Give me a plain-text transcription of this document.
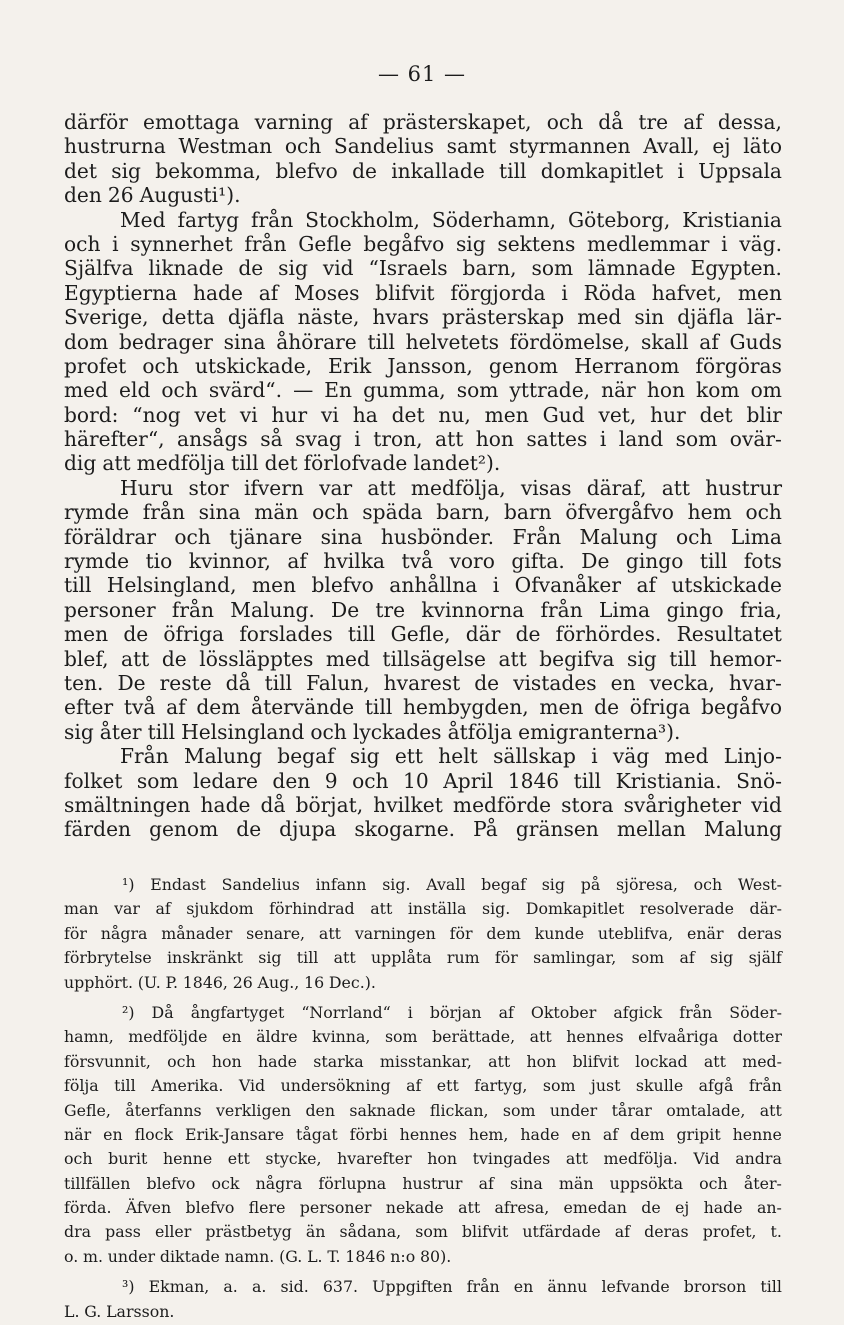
— 61 —
därför emottaga varning af prästerskapet, och då tre af dessa,
hustrurna Westman och Sandelius samt styrmannen Avall, ej läto
det sig bekomma, blefvo de inkallade till domkapitlet i Uppsala
den 26 Augusti¹).
Med fartyg från Stockholm, Söderhamn, Göteborg, Kristiania
och i synnerhet från Gefle begåfvo sig sektens medlemmar i väg.
Själfva liknade de sig vid “Israels barn, som lämnade Egypten.
Egyptierna hade af Moses blifvit förgjorda i Röda hafvet, men
Sverige, detta djäfla näste, hvars prästerskap med sin djäfla lär-
dom bedrager sina åhörare till helvetets fördömelse, skall af Guds
profet och utskickade, Erik Jansson, genom Herranom förgöras
med eld och svärd“. — En gumma, som yttrade, när hon kom om
bord: “nog vet vi hur vi ha det nu, men Gud vet, hur det blir
härefter“, ansågs så svag i tron, att hon sattes i land som ovär-
dig att medfölja till det förlofvade landet²).
Huru stor ifvern var att medfölja, visas däraf, att hustrur
rymde från sina män och späda barn, barn öfvergåfvo hem och
föräldrar och tjänare sina husbönder. Från Malung och Lima
rymde tio kvinnor, af hvilka två voro gifta. De gingo till fots
till Helsingland, men blefvo anhållna i Ofvanåker af utskickade
personer från Malung. De tre kvinnorna från Lima gingo fria,
men de öfriga forslades till Gefle, där de förhördes. Resultatet
blef, att de lössläpptes med tillsägelse att begifva sig till hemor-
ten. De reste då till Falun, hvarest de vistades en vecka, hvar-
efter två af dem återvände till hembygden, men de öfriga begåfvo
sig åter till Helsingland och lyckades åtfölja emigranterna³).
Från Malung begaf sig ett helt sällskap i väg med Linjo-
folket som ledare den 9 och 10 April 1846 till Kristiania. Snö-
smältningen hade då börjat, hvilket medförde stora svårigheter vid
färden genom de djupa skogarne. På gränsen mellan Malung
¹) Endast Sandelius infann sig. Avall begaf sig på sjöresa, och West-
man var af sjukdom förhindrad att inställa sig. Domkapitlet resolverade där-
för några månader senare, att varningen för dem kunde uteblifva, enär deras
förbrytelse inskränkt sig till att upplåta rum för samlingar, som af sig själf
upphört. (U. P. 1846, 26 Aug., 16 Dec.).
²) Då ångfartyget “Norrland“ i början af Oktober afgick från Söder-
hamn, medföljde en äldre kvinna, som berättade, att hennes elfvaåriga dotter
försvunnit, och hon hade starka misstankar, att hon blifvit lockad att med-
följa till Amerika. Vid undersökning af ett fartyg, som just skulle afgå från
Gefle, återfanns verkligen den saknade flickan, som under tårar omtalade, att
när en flock Erik-Jansare tågat förbi hennes hem, hade en af dem gripit henne
och burit henne ett stycke, hvarefter hon tvingades att medfölja. Vid andra
tillfällen blefvo ock några förlupna hustrur af sina män uppsökta och åter-
förda. Äfven blefvo flere personer nekade att afresa, emedan de ej hade an-
dra pass eller prästbetyg än sådana, som blifvit utfärdade af deras profet, t.
o. m. under diktade namn. (G. L. T. 1846 n:o 80).
³) Ekman, a. a. sid. 637. Uppgiften från en ännu lefvande brorson till
L. G. Larsson.
